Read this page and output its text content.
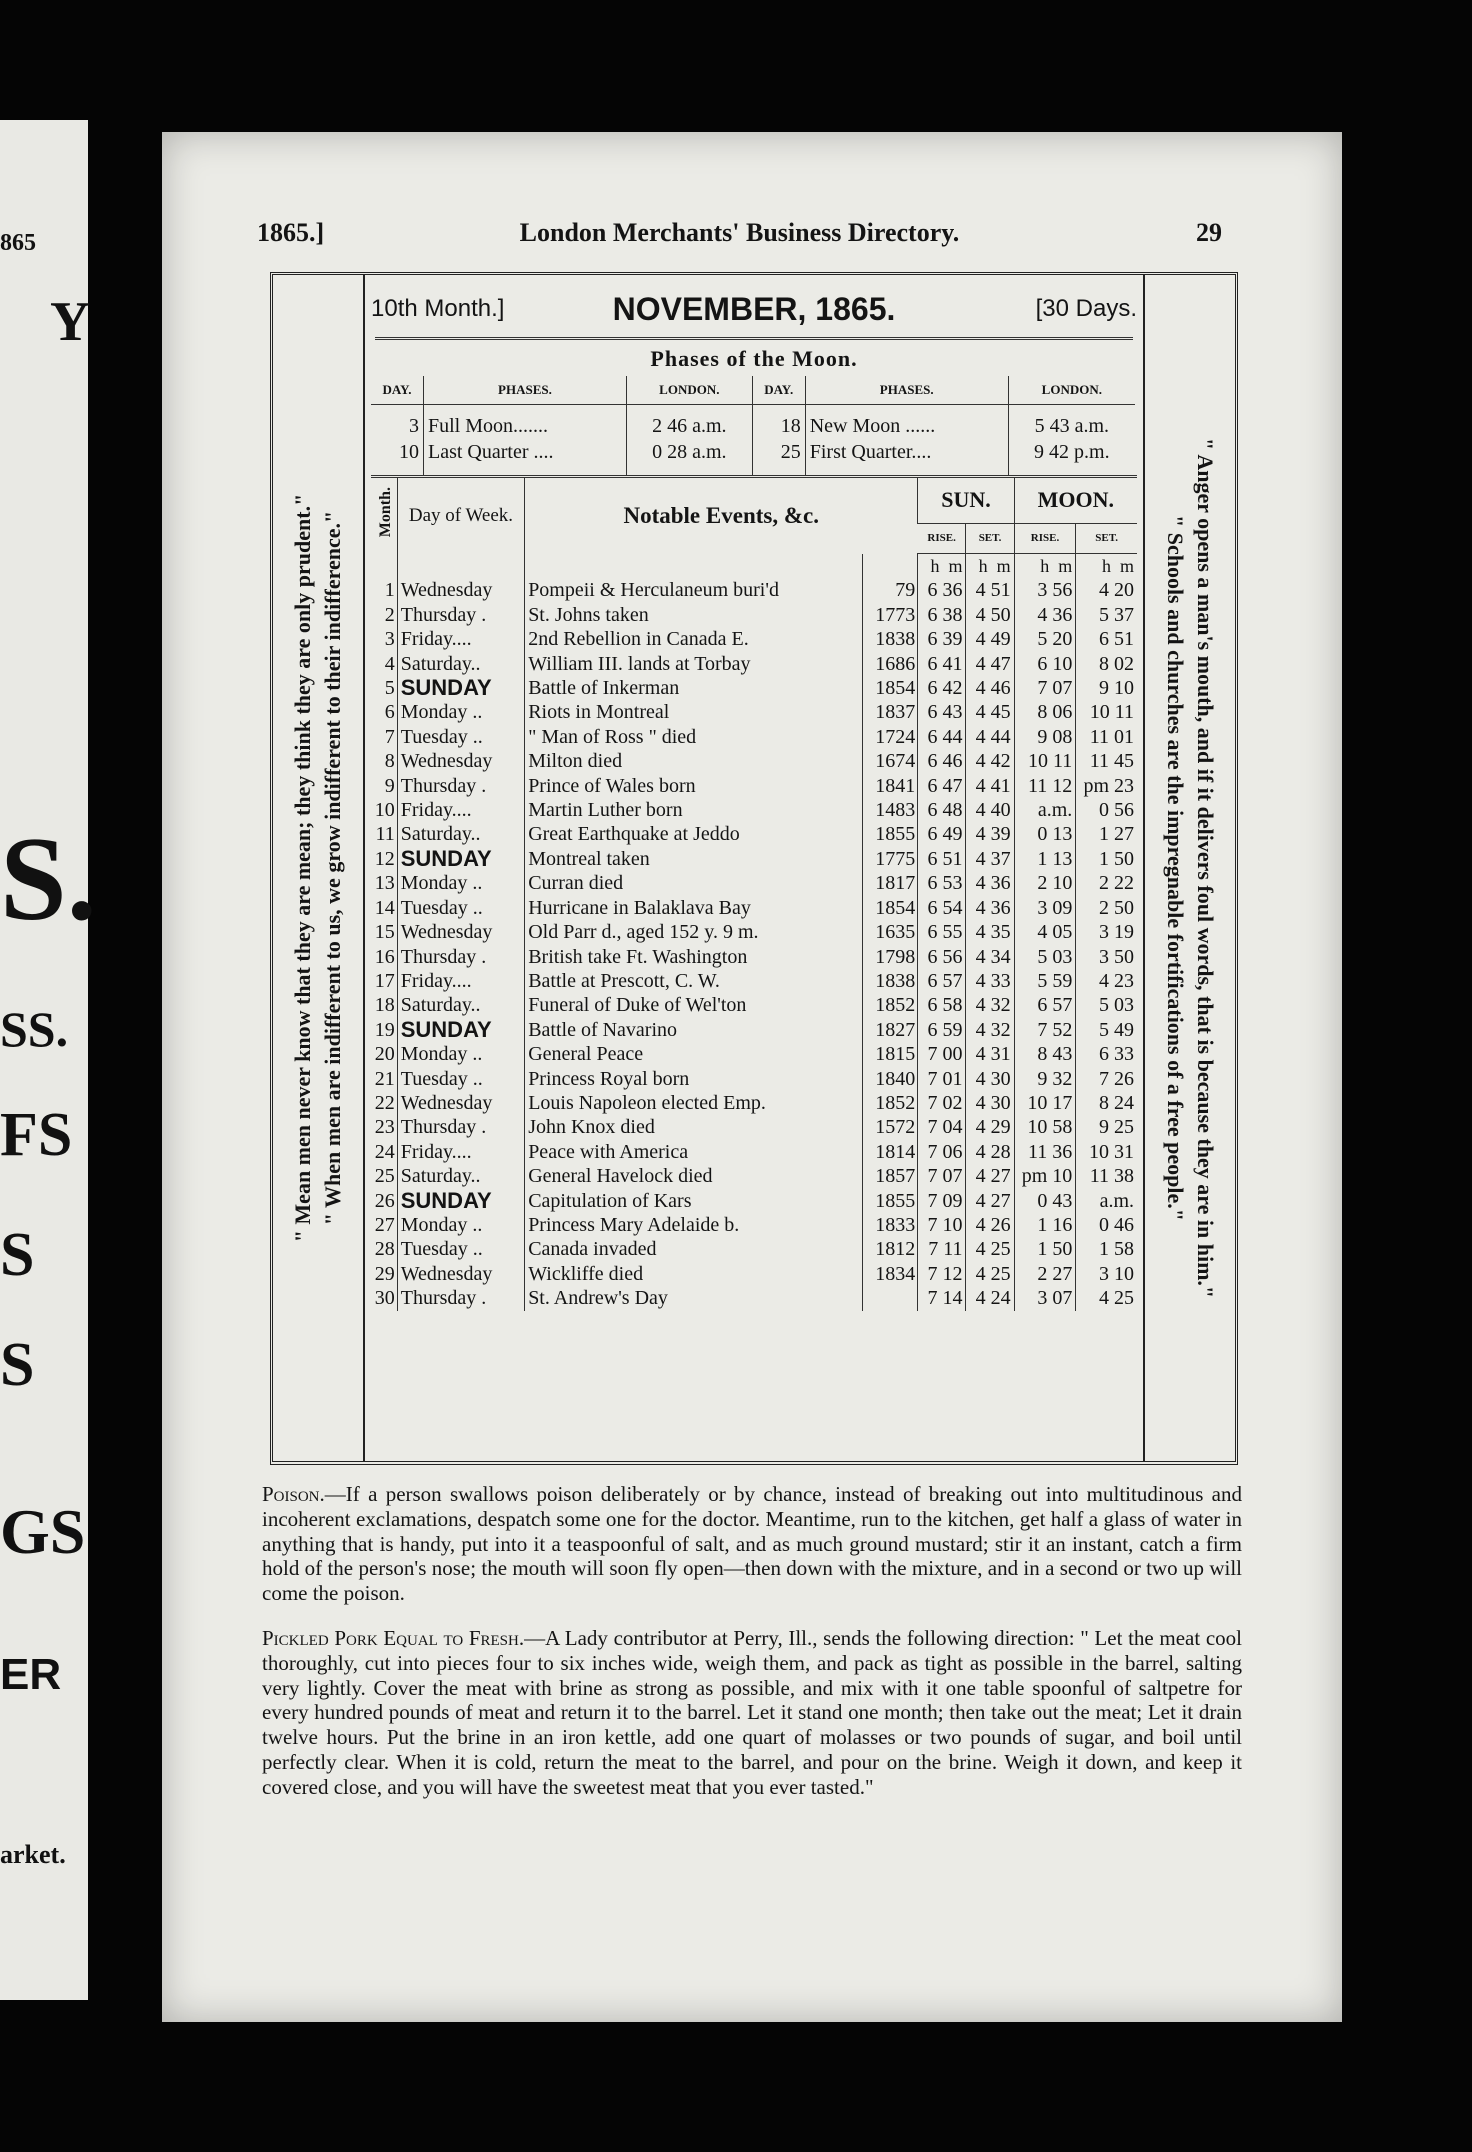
865
Y
S.
SS.
FS
S
S
GS
ER
arket.
1865.]	London Merchants' Business Directory.	29
" Mean men never know that they are mean; they think they are only prudent." " When men are indifferent to us, we grow indifferent to their indifference."
10th Month.]	NOVEMBER, 1865.	[30 Days.
Phases of the Moon.
DAY.	PHASES.	LONDON.	DAY.	PHASES.	LONDON.

3	Full Moon.......	2 46 a.m.	18	New Moon ......	5 43 a.m.
10	Last Quarter ....	0 28 a.m.	25	First Quarter....	9 42 p.m.

Month.	Day of Week.	Notable Events, &c.		SUN.		MOON.	
				RISE.	SET.	RISE.	SET.
				h m	h m	h m	h m
1	Wednesday	Pompeii & Herculaneum buri'd	79	6 36	4 51	3 56	4 20
2	Thursday .	St. Johns taken	1773	6 38	4 50	4 36	5 37
3	Friday....	2nd Rebellion in Canada E.	1838	6 39	4 49	5 20	6 51
4	Saturday..	William III. lands at Torbay	1686	6 41	4 47	6 10	8 02
5	SUNDAY	Battle of Inkerman	1854	6 42	4 46	7 07	9 10
6	Monday ..	Riots in Montreal	1837	6 43	4 45	8 06	10 11
7	Tuesday ..	" Man of Ross " died	1724	6 44	4 44	9 08	11 01
8	Wednesday	Milton died	1674	6 46	4 42	10 11	11 45
9	Thursday .	Prince of Wales born	1841	6 47	4 41	11 12	pm 23
10	Friday....	Martin Luther born	1483	6 48	4 40	a.m.	0 56
11	Saturday..	Great Earthquake at Jeddo	1855	6 49	4 39	0 13	1 27
12	SUNDAY	Montreal taken	1775	6 51	4 37	1 13	1 50
13	Monday ..	Curran died	1817	6 53	4 36	2 10	2 22
14	Tuesday ..	Hurricane in Balaklava Bay	1854	6 54	4 36	3 09	2 50
15	Wednesday	Old Parr d., aged 152 y. 9 m.	1635	6 55	4 35	4 05	3 19
16	Thursday .	British take Ft. Washington	1798	6 56	4 34	5 03	3 50
17	Friday....	Battle at Prescott, C. W.	1838	6 57	4 33	5 59	4 23
18	Saturday..	Funeral of Duke of Wel'ton	1852	6 58	4 32	6 57	5 03
19	SUNDAY	Battle of Navarino	1827	6 59	4 32	7 52	5 49
20	Monday ..	General Peace	1815	7 00	4 31	8 43	6 33
21	Tuesday ..	Princess Royal born	1840	7 01	4 30	9 32	7 26
22	Wednesday	Louis Napoleon elected Emp.	1852	7 02	4 30	10 17	8 24
23	Thursday .	John Knox died	1572	7 04	4 29	10 58	9 25
24	Friday....	Peace with America	1814	7 06	4 28	11 36	10 31
25	Saturday..	General Havelock died	1857	7 07	4 27	pm 10	11 38
26	SUNDAY	Capitulation of Kars	1855	7 09	4 27	0 43	a.m.
27	Monday ..	Princess Mary Adelaide b.	1833	7 10	4 26	1 16	0 46
28	Tuesday ..	Canada invaded	1812	7 11	4 25	1 50	1 58
29	Wednesday	Wickliffe died	1834	7 12	4 25	2 27	3 10
30	Thursday .	St. Andrew's Day		7 14	4 24	3 07	4 25
" Anger opens a man's mouth, and if it delivers foul words, that is because they are in him."
" Schools and churches are the impregnable fortifications of a free people."

Poison.—If a person swallows poison deliberately or by chance, instead of breaking out into multitudinous and incoherent exclamations, despatch some one for the doctor. Meantime, run to the kitchen, get half a glass of water in anything that is handy, put into it a teaspoonful of salt, and as much ground mustard; stir it an instant, catch a firm hold of the person's nose; the mouth will soon fly open—then down with the mixture, and in a second or two up will come the poison.

Pickled Pork Equal to Fresh.—A Lady contributor at Perry, Ill., sends the following direction: " Let the meat cool thoroughly, cut into pieces four to six inches wide, weigh them, and pack as tight as possible in the barrel, salting very lightly. Cover the meat with brine as strong as possible, and mix with it one table spoonful of saltpetre for every hundred pounds of meat and return it to the barrel. Let it stand one month; then take out the meat; Let it drain twelve hours. Put the brine in an iron kettle, add one quart of molasses or two pounds of sugar, and boil until perfectly clear. When it is cold, return the meat to the barrel, and pour on the brine. Weigh it down, and keep it covered close, and you will have the sweetest meat that you ever tasted."
